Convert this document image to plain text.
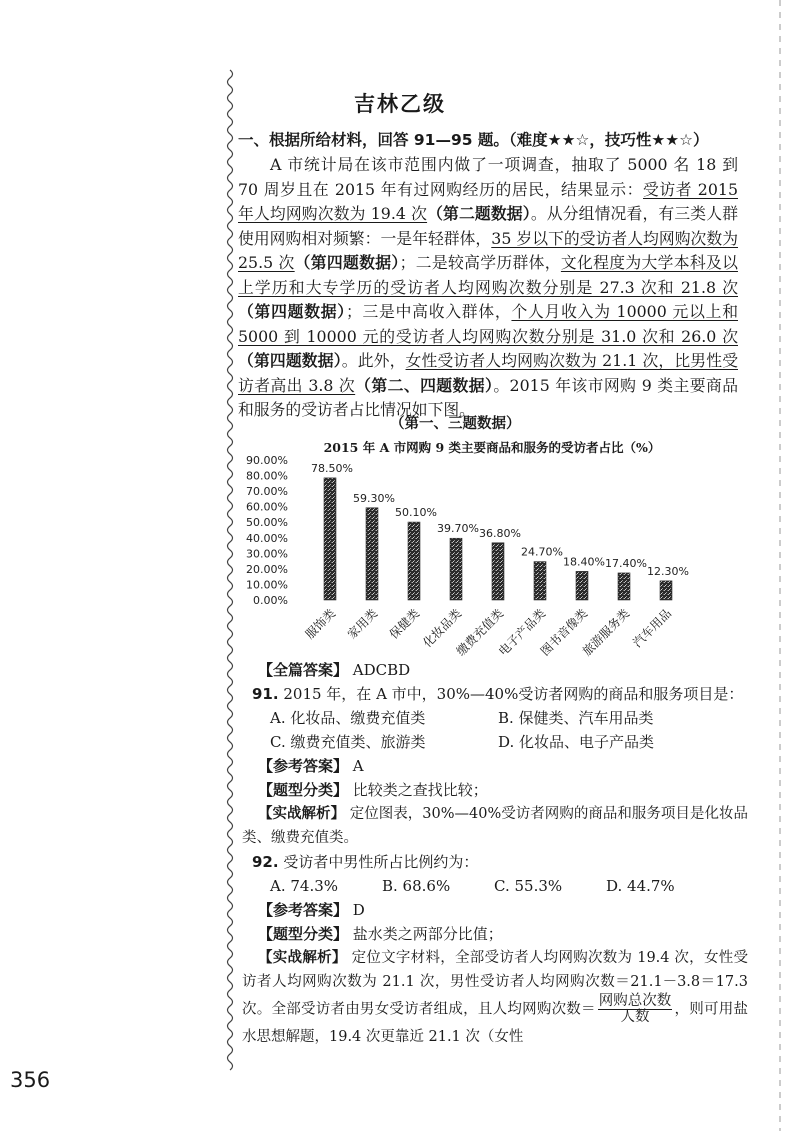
吉林乙级
一、根据所给材料，回答 91—95 题。（难度★★☆，技巧性★★☆）
A 市统计局在该市范围内做了一项调查，抽取了 5000 名 18 到 70 周岁且在 2015 年有过网购经历的居民，结果显示：受访者 2015 年人均网购次数为 19.4 次（第二题数据）。从分组情况看，有三类人群使用网购相对频繁：一是年轻群体，35 岁以下的受访者人均网购次数为 25.5 次（第四题数据）；二是较高学历群体，文化程度为大学本科及以上学历和大专学历的受访者人均网购次数分别是 27.3 次和 21.8 次（第四题数据）；三是中高收入群体，个人月收入为 10000 元以上和 5000 到 10000 元的受访者人均网购次数分别是 31.0 次和 26.0 次（第四题数据）。此外，女性受访者人均网购次数为 21.1 次，比男性受访者高出 3.8 次（第二、四题数据）。2015 年该市网购 9 类主要商品和服务的受访者占比情况如下图。
（第一、三题数据）
2015 年 A 市网购 9 类主要商品和服务的受访者占比（%）
0.00%
10.00%
20.00%
30.00%
40.00%
50.00%
60.00%
70.00%
80.00%
90.00%
78.50%
59.30%
50.10%
39.70% 36.80%
24.70%
18.40% 17.40%
12.30%
服饰类 家用类 保健类
化妆品类
缴费充值类
电子产品类
图书音像类
旅游服务类
汽车用品
【全篇答案】 ADCBD
91. 2015 年，在 A 市中，30%—40%受访者网购的商品和服务项目是：
A. 化妆品、缴费充值类	B. 保健类、汽车用品类
C. 缴费充值类、旅游类	D. 化妆品、电子产品类
【参考答案】 A
【题型分类】 比较类之查找比较；
【实战解析】 定位图表，30%—40%受访者网购的商品和服务项目是化妆品类、缴费充值类。
92. 受访者中男性所占比例约为：
A. 74.3%	B. 68.6%	C. 55.3%	D. 44.7%
【参考答案】 D
【题型分类】 盐水类之两部分比值；
【实战解析】 定位文字材料，全部受访者人均网购次数为 19.4 次，女性受访者人均网购次数为 21.1 次，男性受访者人均网购次数＝21.1－3.8＝17.3 次。全部受访者由男女受访者组成，且人均网购次数＝ $\frac{\text{网购总次数}}{\text{人数}}$ ，则可用盐水思想解题，19.4 次更靠近 21.1 次（女性
356
